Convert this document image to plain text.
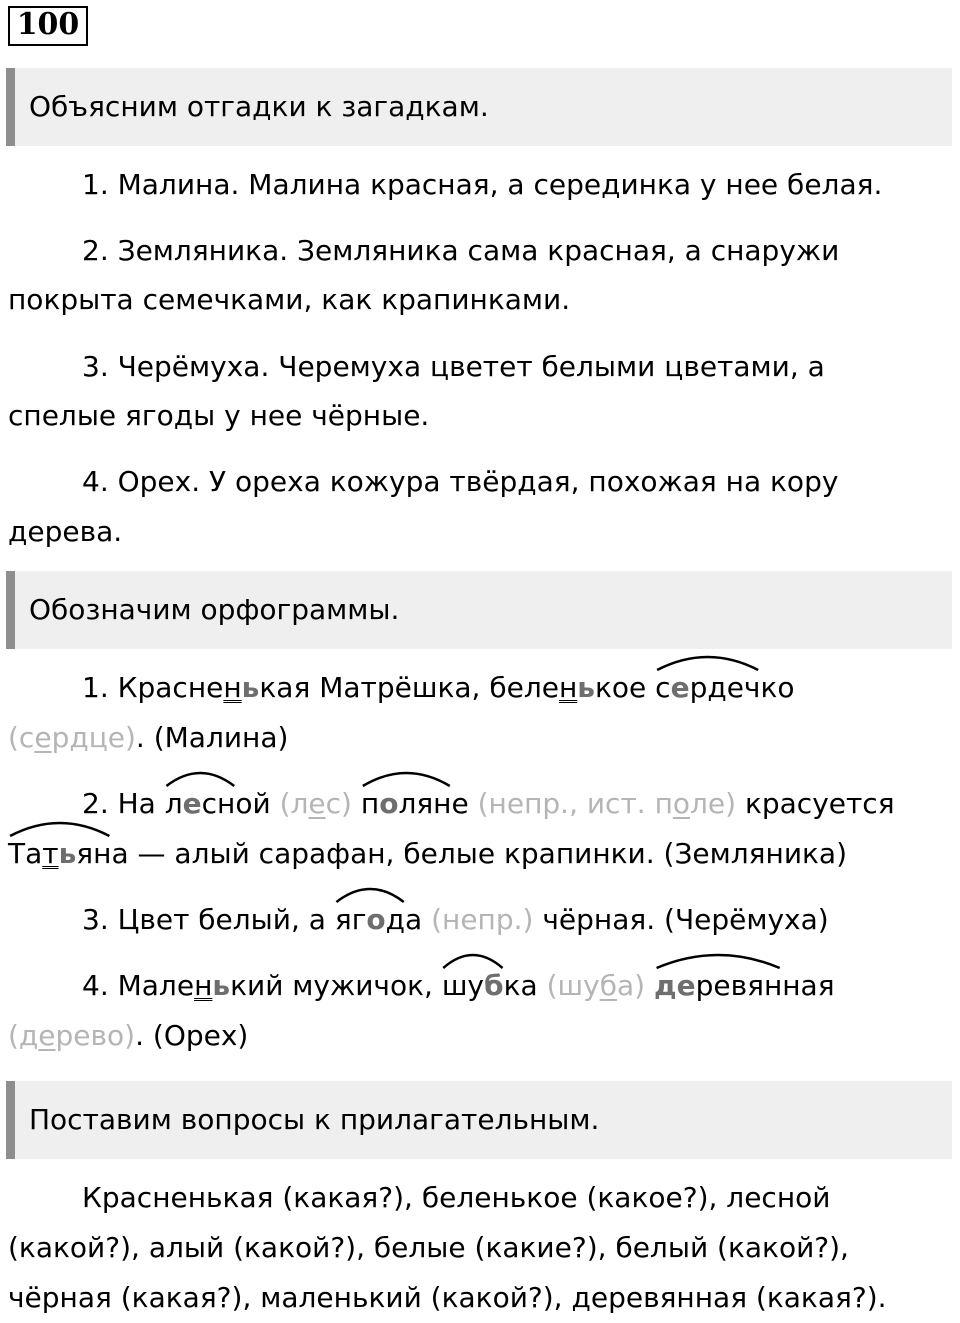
100
Объясним отгадки к загадкам.
1. Малина. Малина красная, а серединка у нее белая.
2. Земляника. Земляника сама красная, а снаружи
покрыта семечками, как крапинками.
3. Черёмуха. Черемуха цветет белыми цветами, а
спелые ягоды у нее чёрные.
4. Орех. У ореха кожура твёрдая, похожая на кору
дерева.
Обозначим орфограммы.
1. Красненькая Матрёшка, беленькое
сердечко
(сердце). (Малина)
2. На
лесной (лес) поляне (непр., ист. поле) красуется
Татьяна — алый сарафан, белые крапинки. (Земляника)
3. Цвет белый, а
ягода (непр.) чёрная. (Черёмуха)
4. Маленький мужичок,
шубка (шуба) деревянная
(дерево). (Орех)
Поставим вопросы к прилагательным.
Красненькая (какая?), беленькое (какое?), лесной
(какой?), алый (какой?), белые (какие?), белый (какой?),
чёрная (какая?), маленький (какой?), деревянная (какая?).
